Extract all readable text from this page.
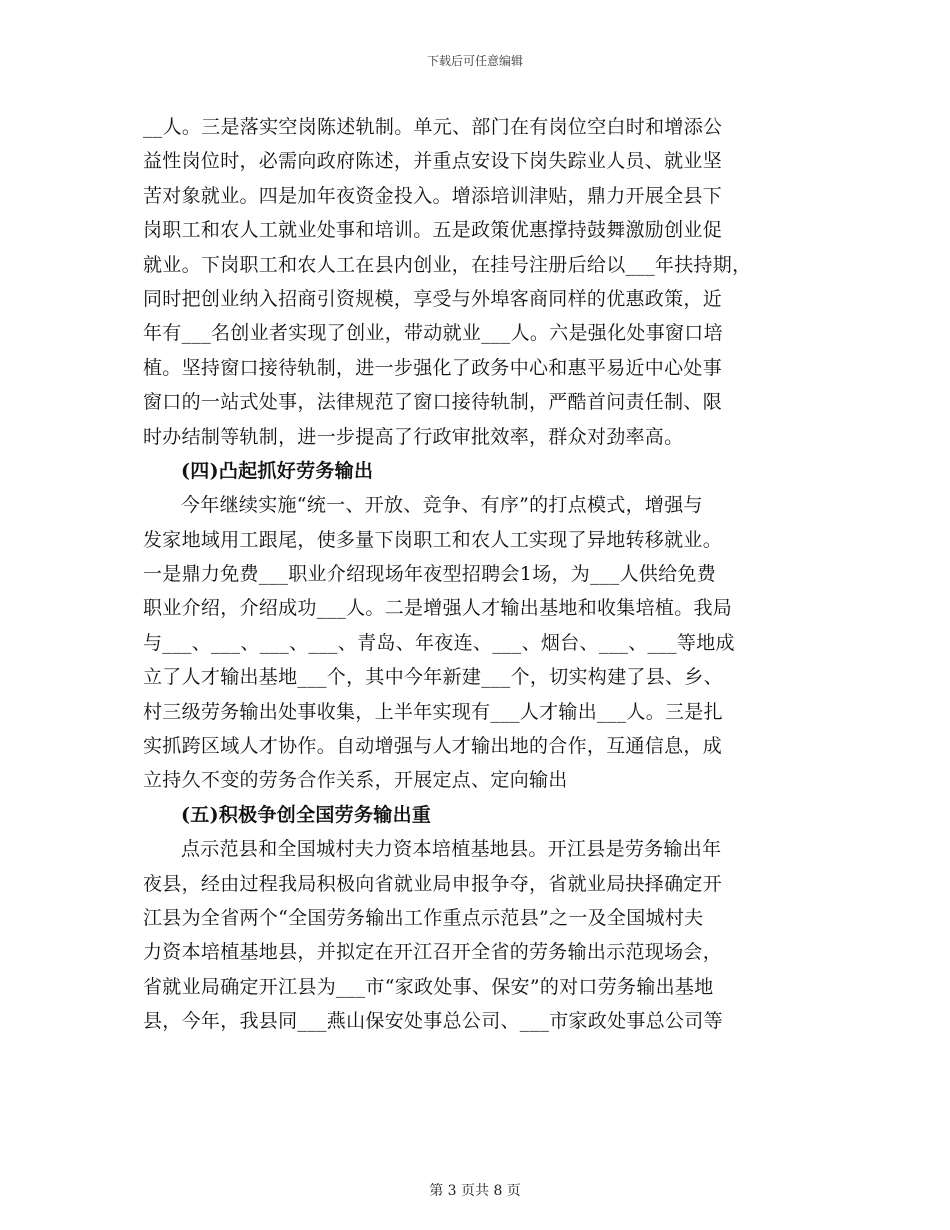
下载后可任意编辑
__人。三是落实空岗陈述轨制。单元、部门在有岗位空白时和增添公
益性岗位时，必需向政府陈述，并重点安设下岗失踪业人员、就业坚
苦对象就业。四是加年夜资金投入。增添培训津贴，鼎力开展全县下
岗职工和农人工就业处事和培训。五是政策优惠撑持鼓舞激励创业促
就业。下岗职工和农人工在县内创业，在挂号注册后给以___年扶持期，
同时把创业纳入招商引资规模，享受与外埠客商同样的优惠政策，近
年有___名创业者实现了创业，带动就业___人。六是强化处事窗口培
植。坚持窗口接待轨制，进一步强化了政务中心和惠平易近中心处事
窗口的一站式处事，法律规范了窗口接待轨制，严酷首问责任制、限
时办结制等轨制，进一步提高了行政审批效率，群众对劲率高。
(四)凸起抓好劳务输出
今年继续实施“统一、开放、竞争、有序”的打点模式，增强与
发家地域用工跟尾，使多量下岗职工和农人工实现了异地转移就业。
一是鼎力免费___职业介绍现场年夜型招聘会1场，为___人供给免费
职业介绍，介绍成功___人。二是增强人才输出基地和收集培植。我局
与___、___、___、___、青岛、年夜连、___、烟台、___、___等地成
立了人才输出基地___个，其中今年新建___个，切实构建了县、乡、
村三级劳务输出处事收集，上半年实现有___人才输出___人。三是扎
实抓跨区域人才协作。自动增强与人才输出地的合作，互通信息，成
立持久不变的劳务合作关系，开展定点、定向输出
(五)积极争创全国劳务输出重
点示范县和全国城村夫力资本培植基地县。开江县是劳务输出年
夜县，经由过程我局积极向省就业局申报争夺，省就业局抉择确定开
江县为全省两个“全国劳务输出工作重点示范县”之一及全国城村夫
力资本培植基地县，并拟定在开江召开全省的劳务输出示范现场会，
省就业局确定开江县为___市“家政处事、保安”的对口劳务输出基地
县，今年，我县同___燕山保安处事总公司、___市家政处事总公司等
第 3 页共 8 页
